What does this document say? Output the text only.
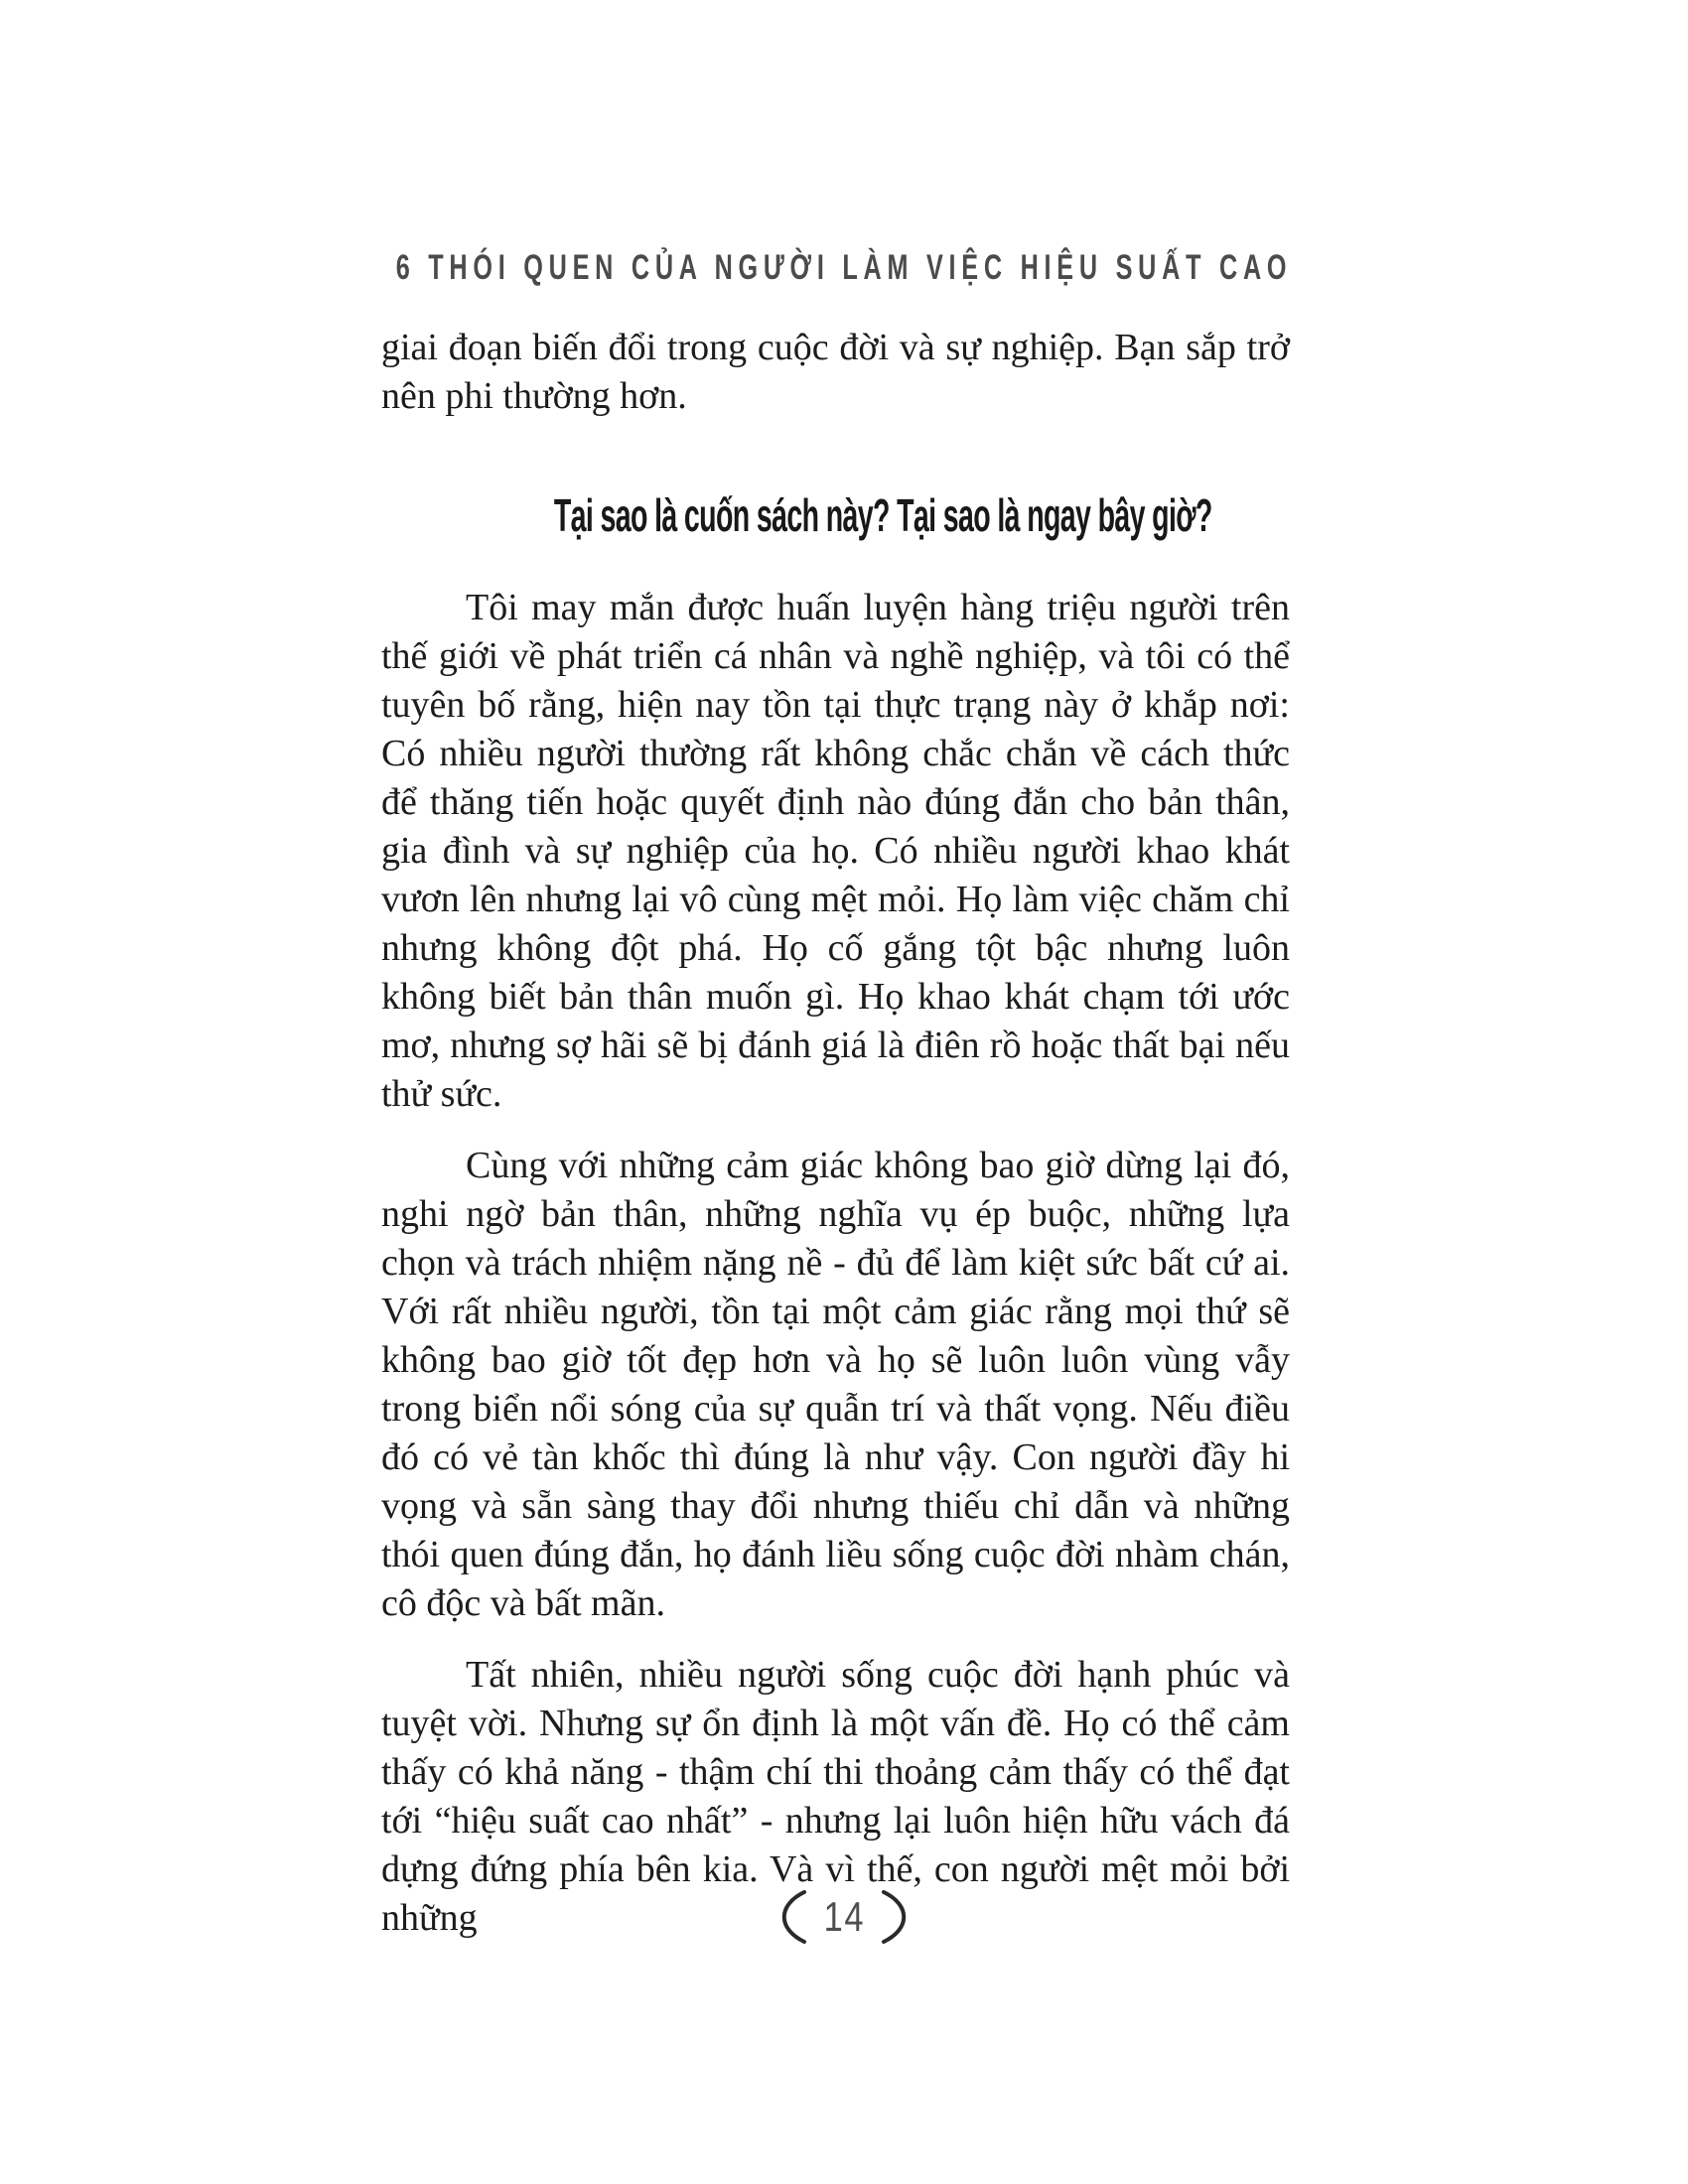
6 THÓI QUEN CỦA NGƯỜI LÀM VIỆC HIỆU SUẤT CAO

giai đoạn biến đổi trong cuộc đời và sự nghiệp. Bạn sắp trở nên phi thường hơn.

Tại sao là cuốn sách này? Tại sao là ngay bây giờ?

Tôi may mắn được huấn luyện hàng triệu người trên thế giới về phát triển cá nhân và nghề nghiệp, và tôi có thể tuyên bố rằng, hiện nay tồn tại thực trạng này ở khắp nơi: Có nhiều người thường rất không chắc chắn về cách thức để thăng tiến hoặc quyết định nào đúng đắn cho bản thân, gia đình và sự nghiệp của họ. Có nhiều người khao khát vươn lên nhưng lại vô cùng mệt mỏi. Họ làm việc chăm chỉ nhưng không đột phá. Họ cố gắng tột bậc nhưng luôn không biết bản thân muốn gì. Họ khao khát chạm tới ước mơ, nhưng sợ hãi sẽ bị đánh giá là điên rồ hoặc thất bại nếu thử sức.

Cùng với những cảm giác không bao giờ dừng lại đó, nghi ngờ bản thân, những nghĩa vụ ép buộc, những lựa chọn và trách nhiệm nặng nề - đủ để làm kiệt sức bất cứ ai. Với rất nhiều người, tồn tại một cảm giác rằng mọi thứ sẽ không bao giờ tốt đẹp hơn và họ sẽ luôn luôn vùng vẫy trong biển nổi sóng của sự quẫn trí và thất vọng. Nếu điều đó có vẻ tàn khốc thì đúng là như vậy. Con người đầy hi vọng và sẵn sàng thay đổi nhưng thiếu chỉ dẫn và những thói quen đúng đắn, họ đánh liều sống cuộc đời nhàm chán, cô độc và bất mãn.

Tất nhiên, nhiều người sống cuộc đời hạnh phúc và tuyệt vời. Nhưng sự ổn định là một vấn đề. Họ có thể cảm thấy có khả năng - thậm chí thi thoảng cảm thấy có thể đạt tới “hiệu suất cao nhất” - nhưng lại luôn hiện hữu vách đá dựng đứng phía bên kia. Và vì thế, con người mệt mỏi bởi những	14
